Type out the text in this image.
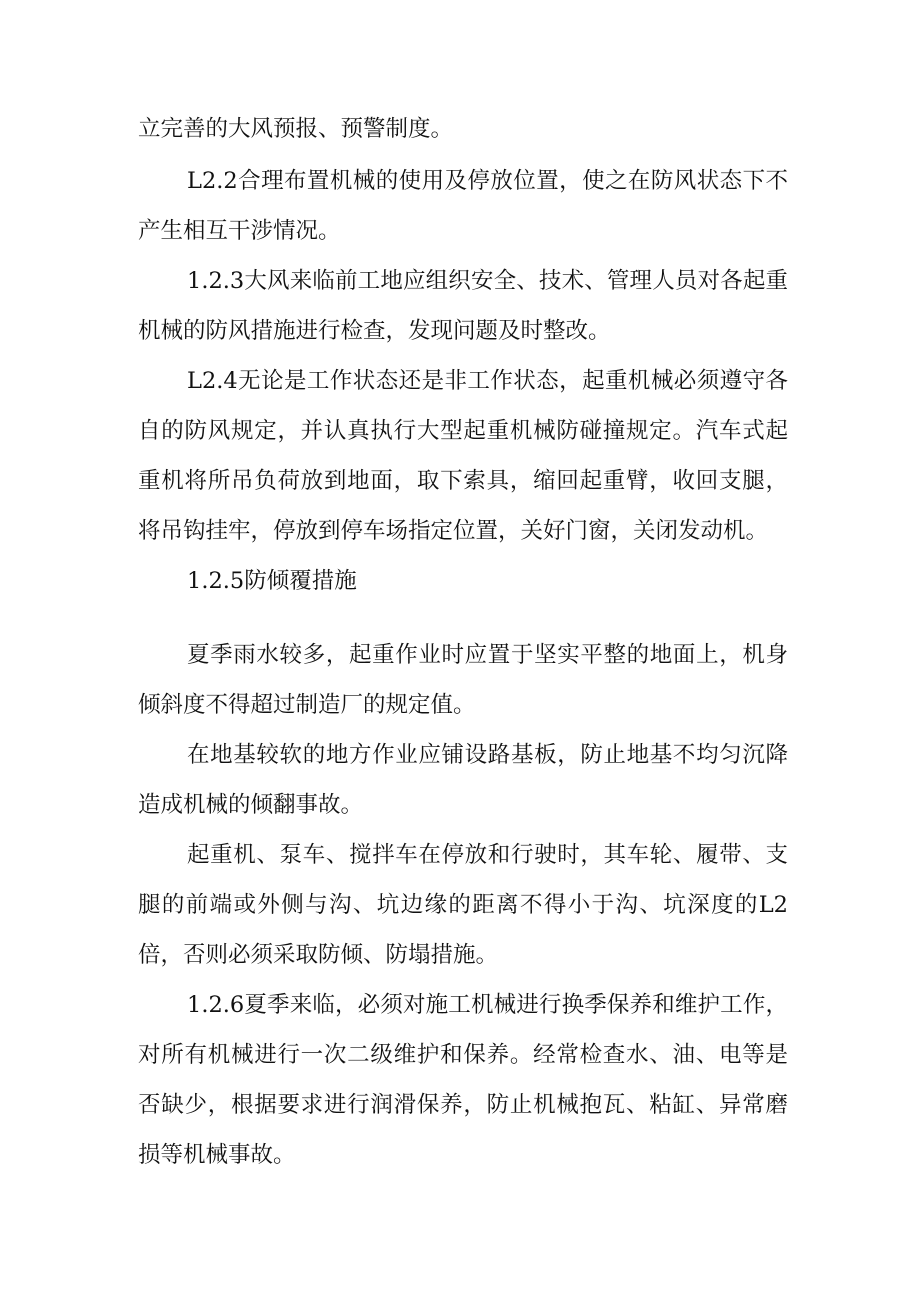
立完善的大风预报、预警制度。
L2.2合理布置机械的使用及停放位置，使之在防风状态下不
产生相互干涉情况。
1.2.3大风来临前工地应组织安全、技术、管理人员对各起重
机械的防风措施进行检查，发现问题及时整改。
L2.4无论是工作状态还是非工作状态，起重机械必须遵守各
自的防风规定，并认真执行大型起重机械防碰撞规定。汽车式起
重机将所吊负荷放到地面，取下索具，缩回起重臂，收回支腿，
将吊钩挂牢，停放到停车场指定位置，关好门窗，关闭发动机。
1.2.5防倾覆措施
夏季雨水较多，起重作业时应置于坚实平整的地面上，机身
倾斜度不得超过制造厂的规定值。
在地基较软的地方作业应铺设路基板，防止地基不均匀沉降
造成机械的倾翻事故。
起重机、泵车、搅拌车在停放和行驶时，其车轮、履带、支
腿的前端或外侧与沟、坑边缘的距离不得小于沟、坑深度的L2
倍，否则必须采取防倾、防塌措施。
1.2.6夏季来临，必须对施工机械进行换季保养和维护工作，
对所有机械进行一次二级维护和保养。经常检查水、油、电等是
否缺少，根据要求进行润滑保养，防止机械抱瓦、粘缸、异常磨
损等机械事故。
